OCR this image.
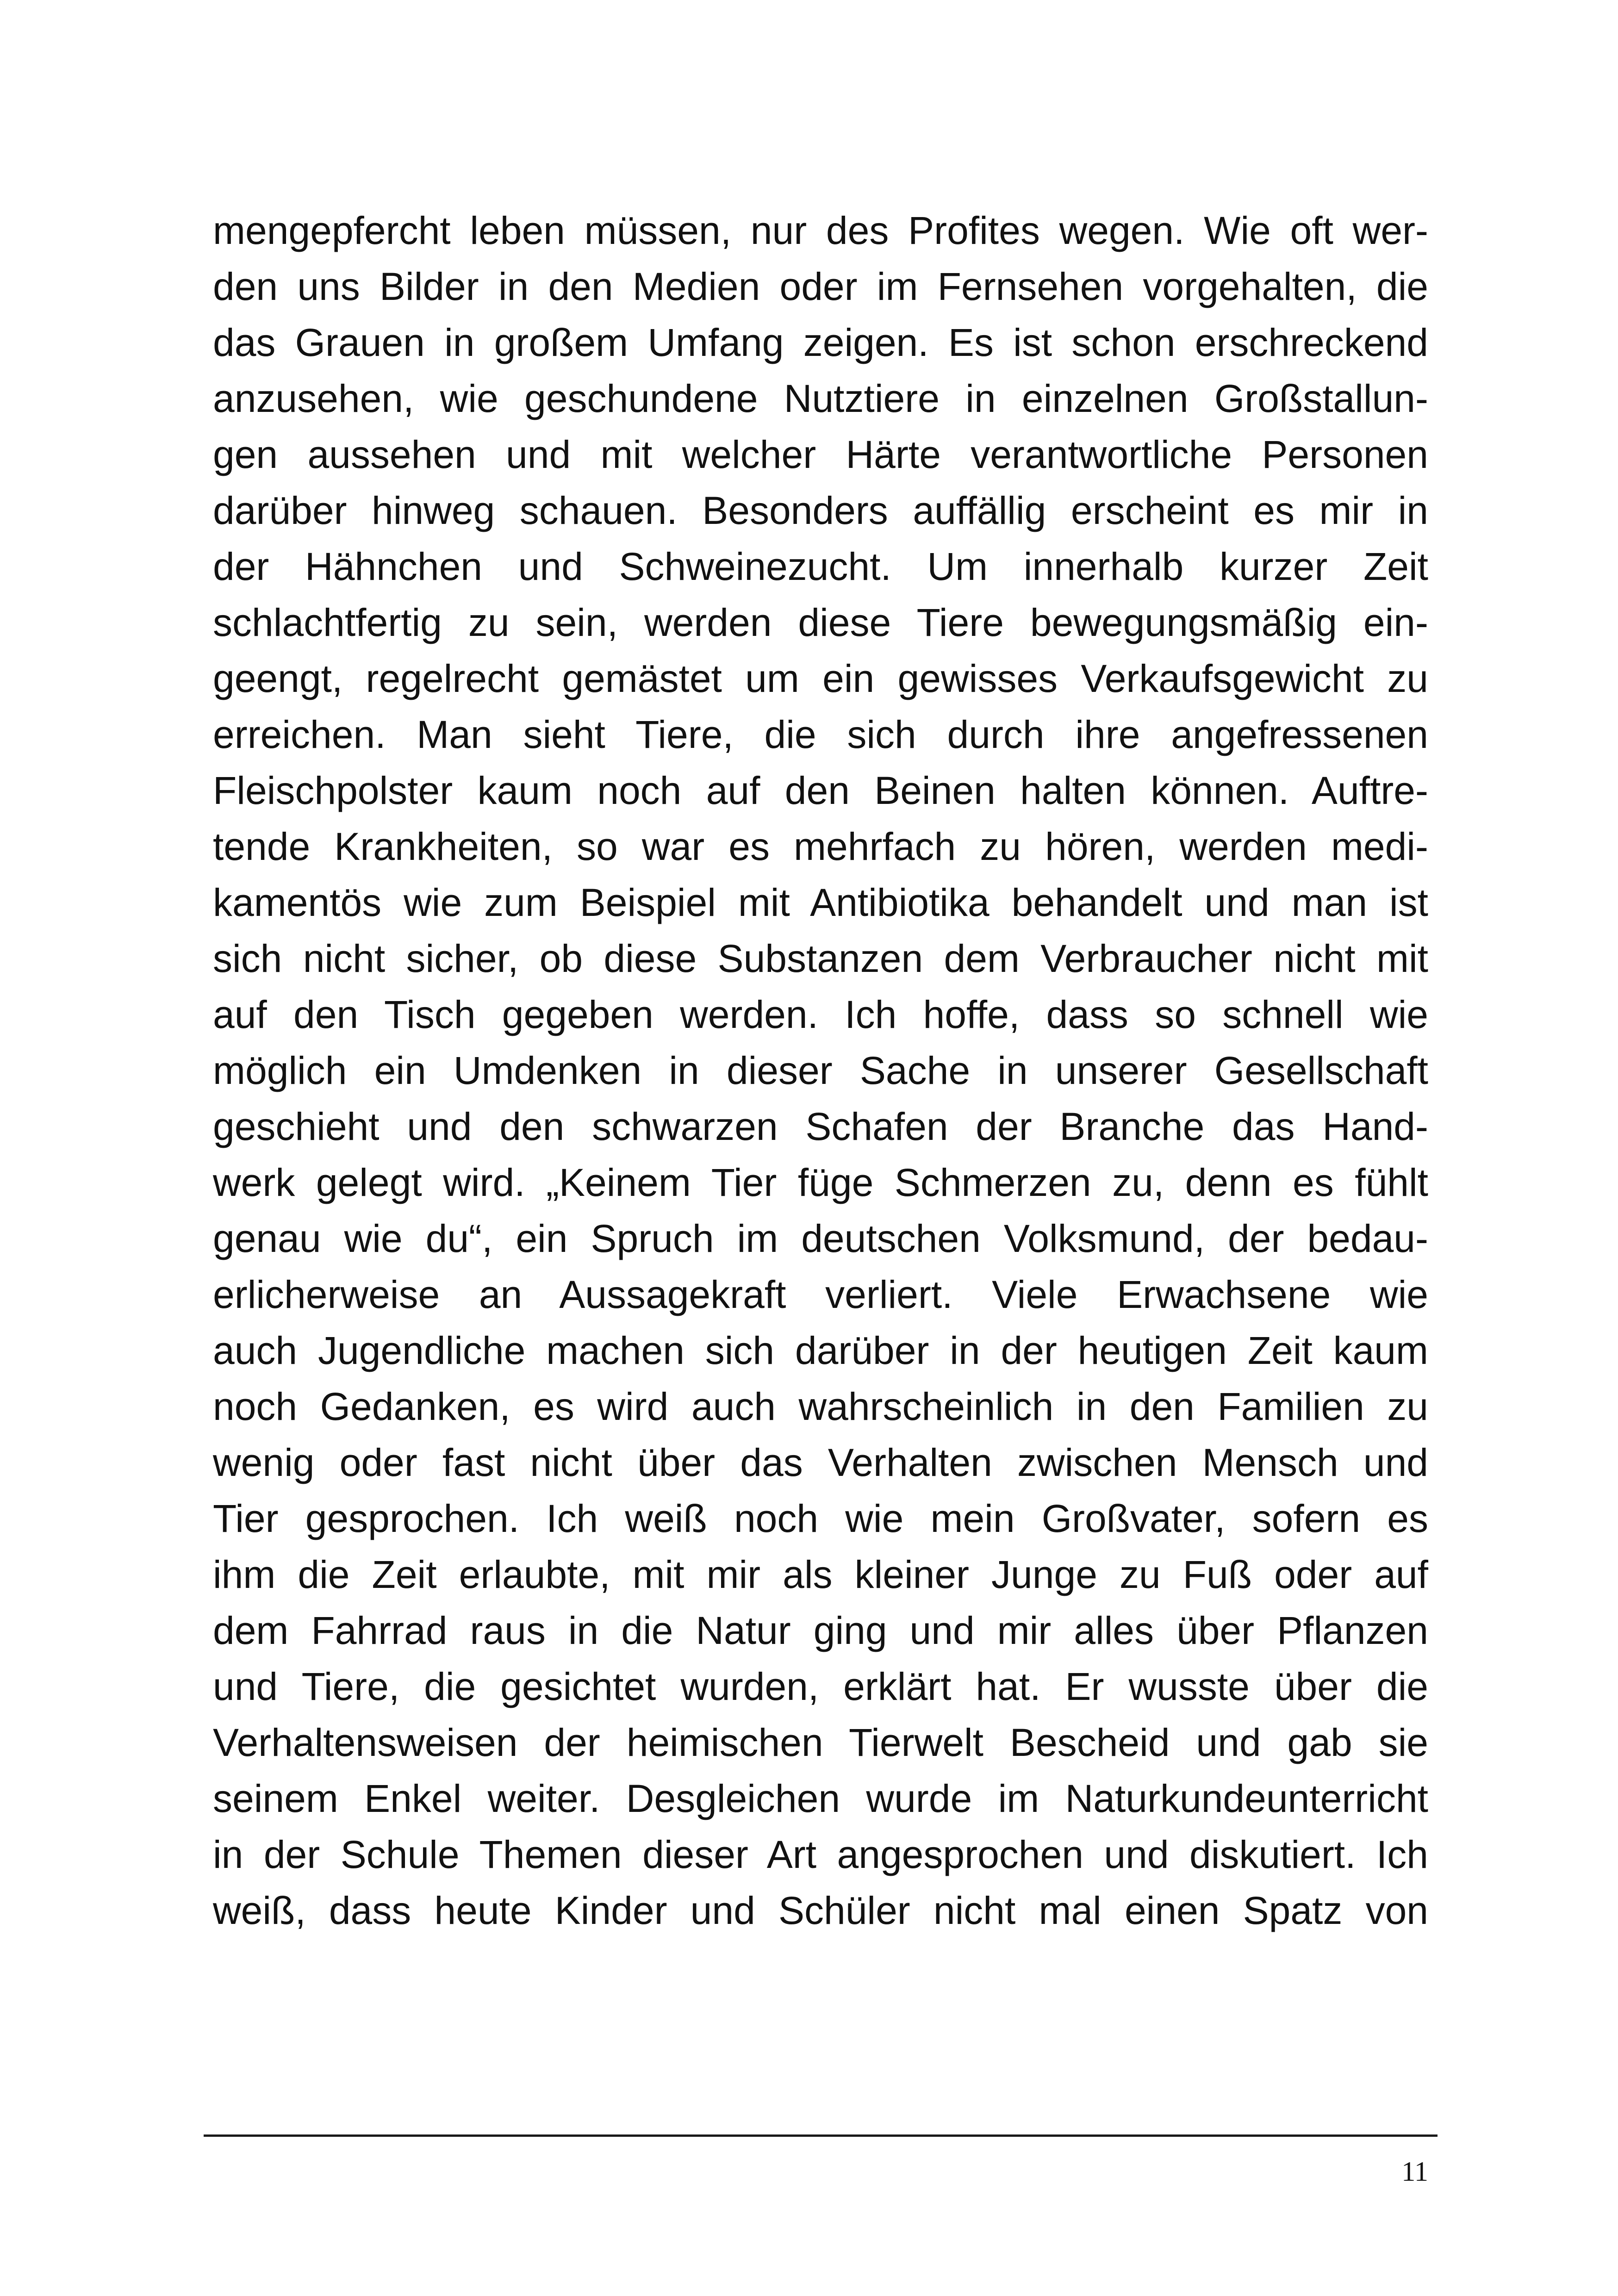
mengepfercht leben müssen, nur des Profites wegen. Wie oft wer-
den uns Bilder in den Medien oder im Fernsehen vorgehalten, die
das Grauen in großem Umfang zeigen. Es ist schon erschreckend
anzusehen, wie geschundene Nutztiere in einzelnen Großstallun-
gen aussehen und mit welcher Härte verantwortliche Personen
darüber hinweg schauen. Besonders auffällig erscheint es mir in
der Hähnchen und Schweinezucht. Um innerhalb kurzer Zeit
schlachtfertig zu sein, werden diese Tiere bewegungsmäßig ein-
geengt, regelrecht gemästet um ein gewisses Verkaufsgewicht zu
erreichen. Man sieht Tiere, die sich durch ihre angefressenen
Fleischpolster kaum noch auf den Beinen halten können. Auftre-
tende Krankheiten, so war es mehrfach zu hören, werden medi-
kamentös wie zum Beispiel mit Antibiotika behandelt und man ist
sich nicht sicher, ob diese Substanzen dem Verbraucher nicht mit
auf den Tisch gegeben werden. Ich hoffe, dass so schnell wie
möglich ein Umdenken in dieser Sache in unserer Gesellschaft
geschieht und den schwarzen Schafen der Branche das Hand-
werk gelegt wird. „Keinem Tier füge Schmerzen zu, denn es fühlt
genau wie du“, ein Spruch im deutschen Volksmund, der bedau-
erlicherweise an Aussagekraft verliert. Viele Erwachsene wie
auch Jugendliche machen sich darüber in der heutigen Zeit kaum
noch Gedanken, es wird auch wahrscheinlich in den Familien zu
wenig oder fast nicht über das Verhalten zwischen Mensch und
Tier gesprochen. Ich weiß noch wie mein Großvater, sofern es
ihm die Zeit erlaubte, mit mir als kleiner Junge zu Fuß oder auf
dem Fahrrad raus in die Natur ging und mir alles über Pflanzen
und Tiere, die gesichtet wurden, erklärt hat. Er wusste über die
Verhaltensweisen der heimischen Tierwelt Bescheid und gab sie
seinem Enkel weiter. Desgleichen wurde im Naturkundeunterricht
in der Schule Themen dieser Art angesprochen und diskutiert. Ich
weiß, dass heute Kinder und Schüler nicht mal einen Spatz von
11
